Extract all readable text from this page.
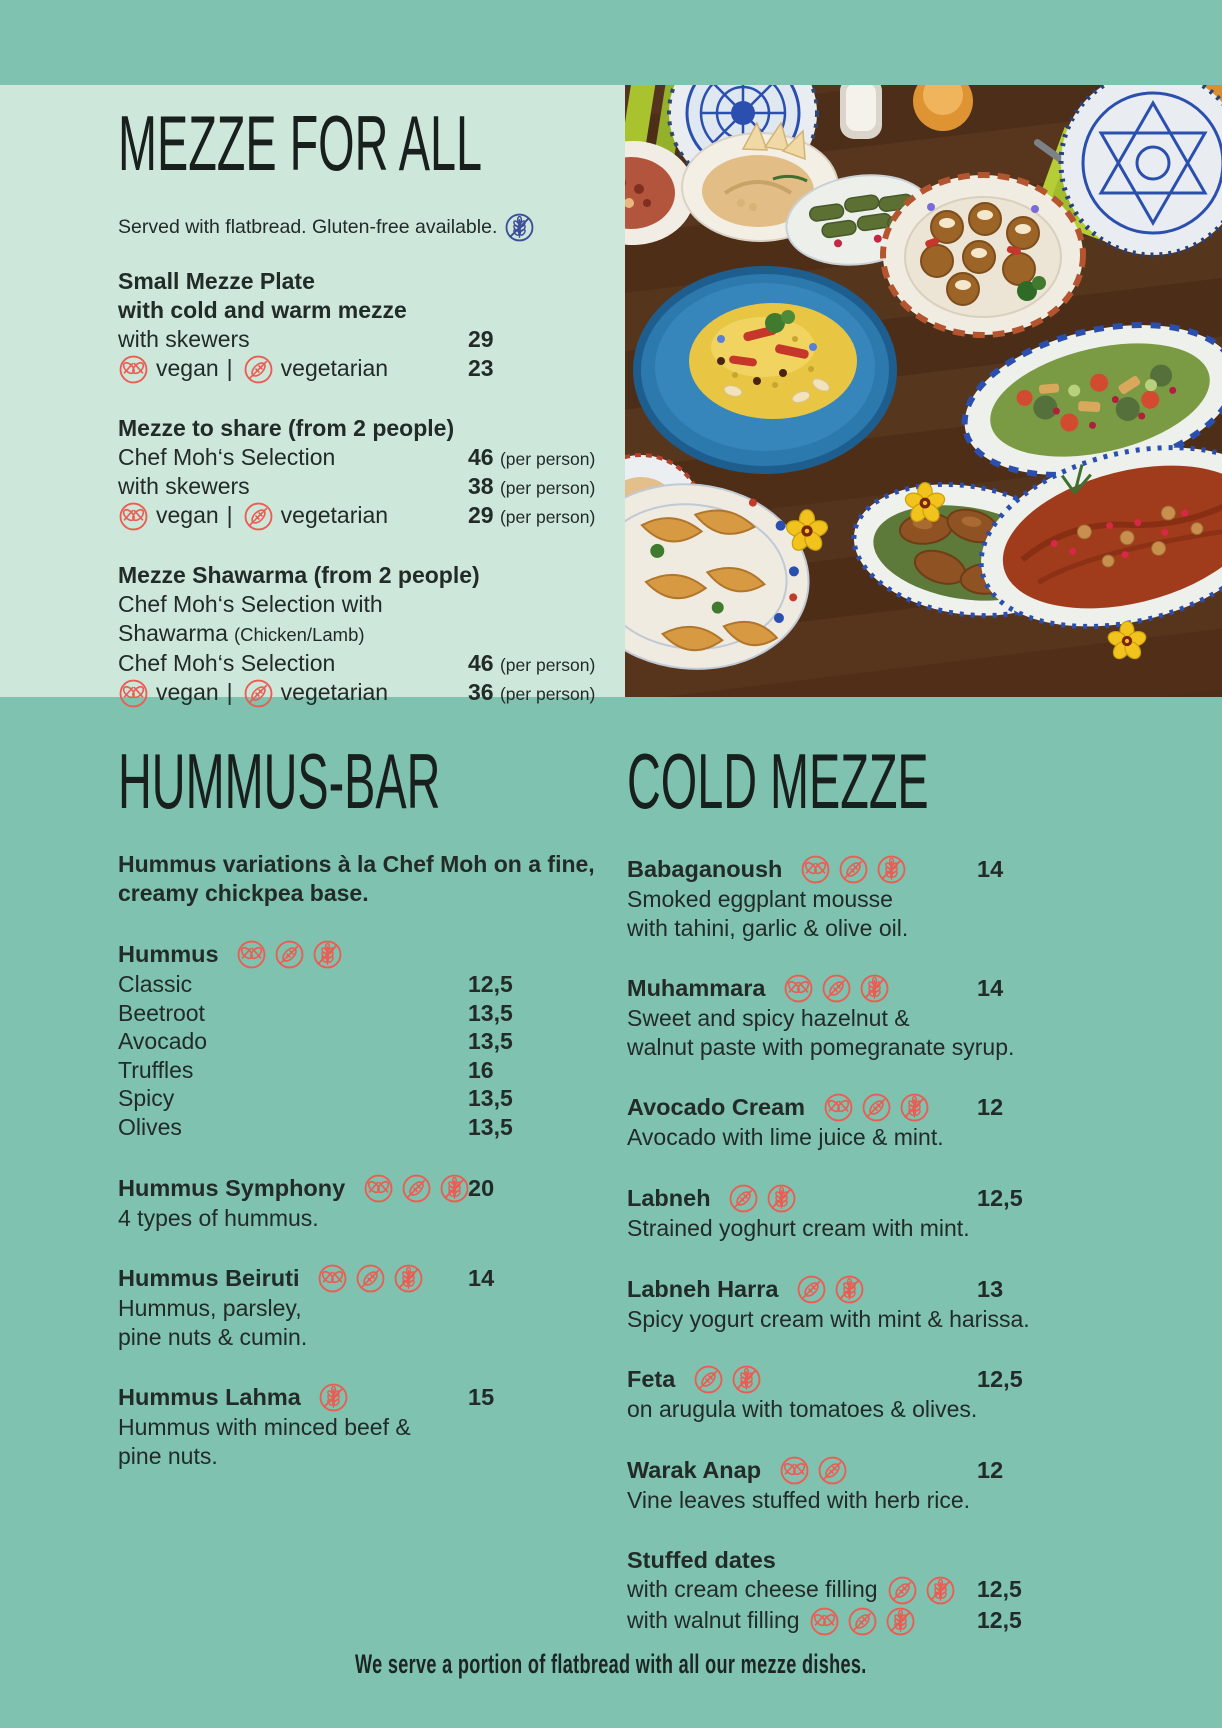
MEZZE FOR ALL
Served with flatbread. Gluten-free available.
Small Mezze Plate
with cold and warm mezze
with skewers	29
vegan | vegetarian	23
Mezze to share (from 2 people)
Chef Moh‘s Selection	46 (per person)
with skewers	38 (per person)
vegan | vegetarian	29 (per person)
Mezze Shawarma (from 2 people)
Chef Moh‘s Selection with Shawarma (Chicken/Lamb)
Chef Moh‘s Selection	46 (per person)
vegan | vegetarian	36 (per person)
HUMMUS-BAR
Hummus variations à la Chef Moh on a fine,
creamy chickpea base.
Hummus
Classic	12,5
Beetroot	13,5
Avocado	13,5
Truffles	16
Spicy	13,5
Olives	13,5
Hummus Symphony	20
4 types of hummus.
Hummus Beiruti	14
Hummus, parsley,
pine nuts & cumin.
Hummus Lahma	15
Hummus with minced beef &
pine nuts.
COLD MEZZE
Babaganoush	14
Smoked eggplant mousse
with tahini, garlic & olive oil.
Muhammara	14
Sweet and spicy hazelnut &
walnut paste with pomegranate syrup.
Avocado Cream	12
Avocado with lime juice & mint.
Labneh	12,5
Strained yoghurt cream with mint.
Labneh Harra	13
Spicy yogurt cream with mint & harissa.
Feta	12,5
on arugula with tomatoes & olives.
Warak Anap	12
Vine leaves stuffed with herb rice.
Stuffed dates
with cream cheese filling	12,5
with walnut filling	12,5
We serve a portion of flatbread with all our mezze dishes.
